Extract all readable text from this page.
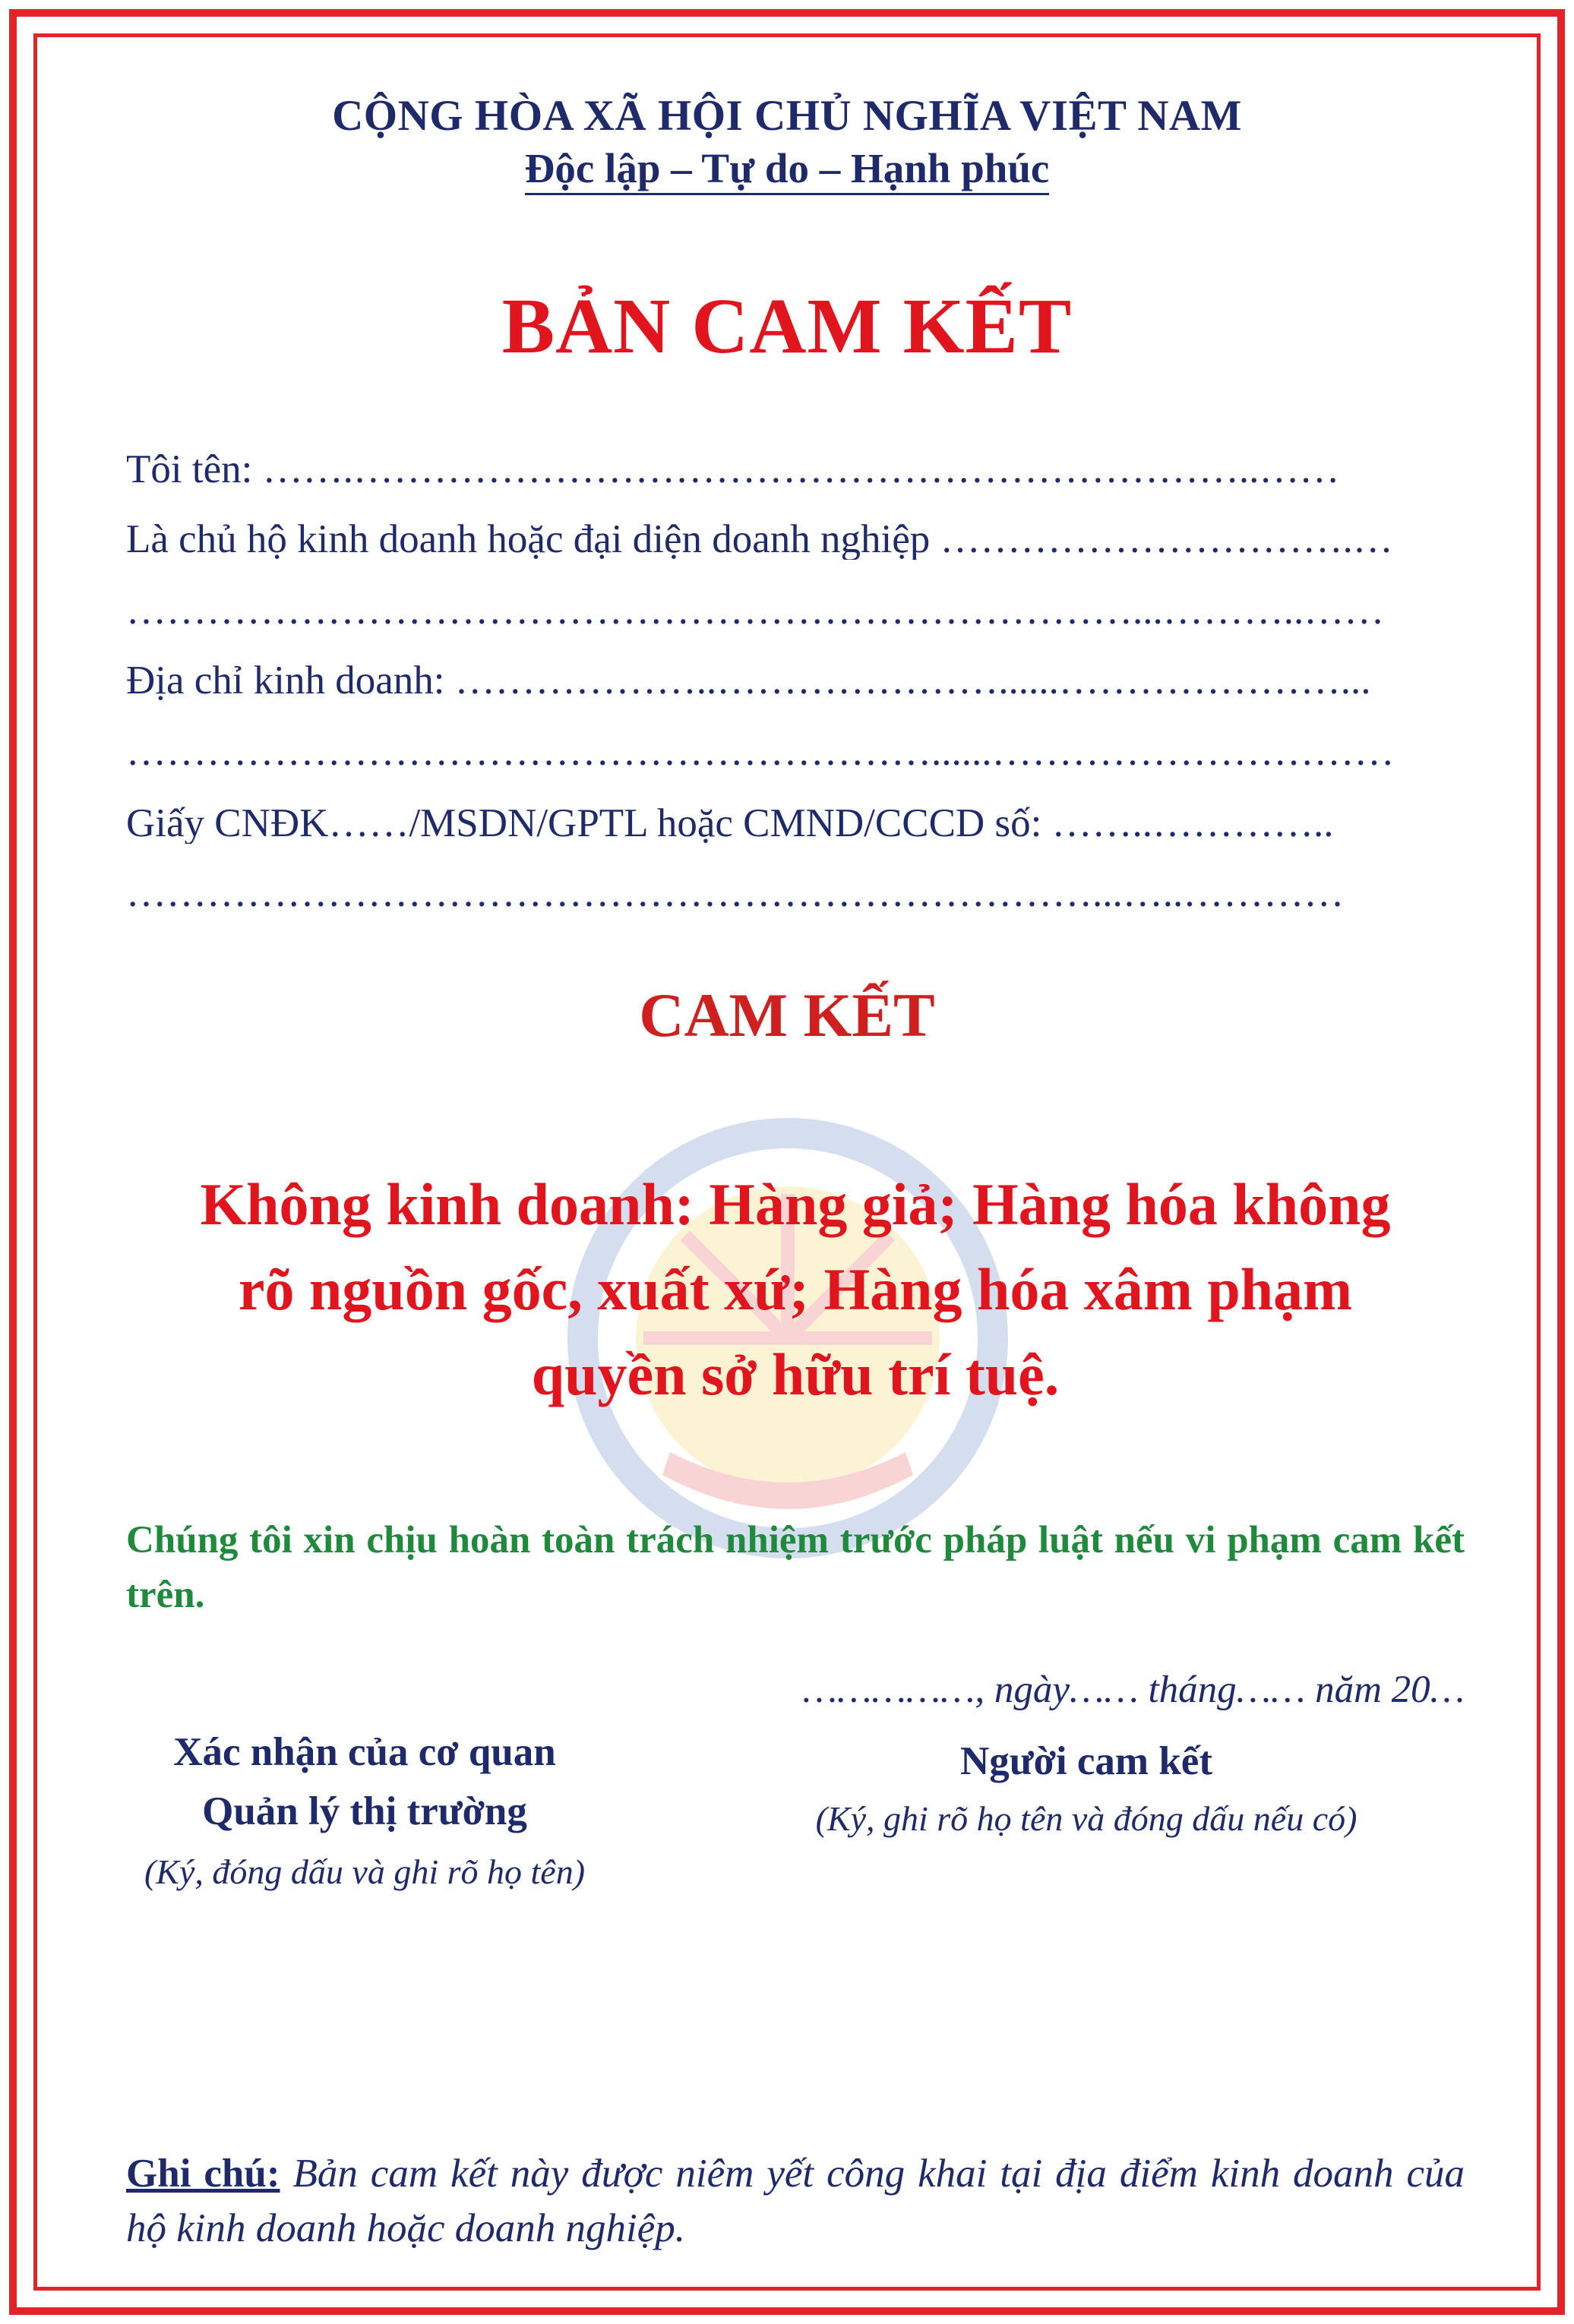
CỘNG HÒA XÃ HỘI CHỦ NGHĨA VIỆT NAM
Độc lập – Tự do – Hạnh phúc
BẢN CAM KẾT
Tôi tên: …….…………………………………………………………..……
Là chủ hộ kinh doanh hoặc đại diện doanh nghiệp ………………………….…
…………………………………………………………………...………..……
Địa chỉ kinh doanh: ………………..…………………......…………………...
……………………………………………………......…………………………
Giấy CNĐK……/MSDN/GPTL hoặc CMND/CCCD số: ……..…………..
………………………………………………………………...…..…………
CAM KẾT
Không kinh doanh: Hàng giả; Hàng hóa không
rõ nguồn gốc, xuất xứ; Hàng hóa xâm phạm
quyền sở hữu trí tuệ.
Chúng tôi xin chịu hoàn toàn trách nhiệm trước pháp luật nếu vi phạm cam kết trên.
……………, ngày…… tháng…… năm 20…
Xác nhận của cơ quan
Quản lý thị trường
(Ký, đóng dấu và ghi rõ họ tên)
Người cam kết
(Ký, ghi rõ họ tên và đóng dấu nếu có)
Ghi chú: Bản cam kết này được niêm yết công khai tại địa điểm kinh doanh của hộ kinh doanh hoặc doanh nghiệp.
